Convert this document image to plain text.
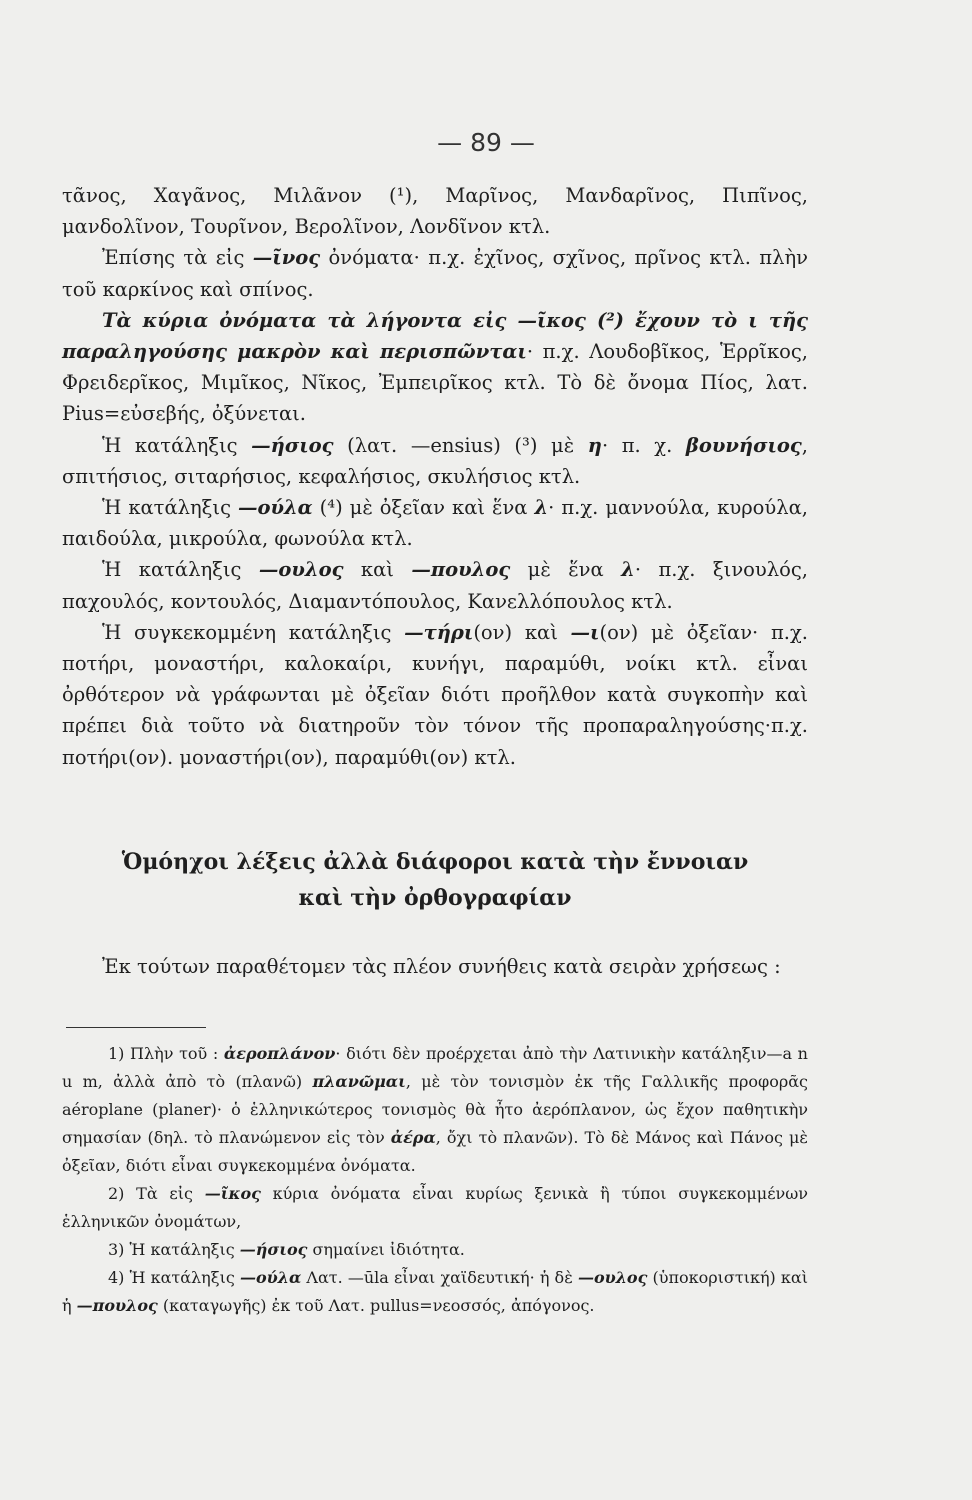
— 89 —

τᾶνος, Χαγᾶνος, Μιλᾶνον (¹), Μαρῖνος, Μανδαρῖνος, Πιπῖνος, μανδολῖνον, Τουρῖνον, Βερολῖνον, Λονδῖνον κτλ.

Ἐπίσης τὰ εἰς —ῖνος ὀνόματα· π.χ. ἐχῖνος, σχῖνος, πρῖνος κτλ. πλὴν τοῦ καρκίνος καὶ σπίνος.

Τὰ κύρια ὀνόματα τὰ λήγοντα εἰς —ῖκος (²) ἔχουν τὸ ι τῆς παραληγούσης μακρὸν καὶ περισπῶνται· π.χ. Λουδοβῖκος, Ἑρρῖκος, Φρειδερῖκος, Μιμῖκος, Νῖκος, Ἐμπειρῖκος κτλ. Τὸ δὲ ὄνομα Πίος, λατ. Pius=εὐσεβής, ὀξύνεται.

Ἡ κατάληξις —ήσιος (λατ. —ensius) (³) μὲ η· π. χ. βουνήσιος, σπιτήσιος, σιταρήσιος, κεφαλήσιος, σκυλήσιος κτλ.

Ἡ κατάληξις —ούλα (⁴) μὲ ὀξεῖαν καὶ ἕνα λ· π.χ. μαννούλα, κυρούλα, παιδούλα, μικρούλα, φωνούλα κτλ.

Ἡ κατάληξις —ουλος καὶ —πουλος μὲ ἕνα λ· π.χ. ξινουλός, παχουλός, κοντουλός, Διαμαντόπουλος, Κανελλόπουλος κτλ.

Ἡ συγκεκομμένη κατάληξις —τήρι(ον) καὶ —ι(ον) μὲ ὀξεῖαν· π.χ. ποτήρι, μοναστήρι, καλοκαίρι, κυνήγι, παραμύθι, νοίκι κτλ. εἶναι ὀρθότερον νὰ γράφωνται μὲ ὀξεῖαν διότι προῆλθον κατὰ συγκοπὴν καὶ πρέπει διὰ τοῦτο νὰ διατηροῦν τὸν τόνον τῆς προπαραληγούσης·π.χ. ποτήρι(ον). μοναστήρι(ον), παραμύθι(ον) κτλ.

Ὁμόηχοι λέξεις ἀλλὰ διάφοροι κατὰ τὴν ἔννοιαν
καὶ τὴν ὀρθογραφίαν

Ἐκ τούτων παραθέτομεν τὰς πλέον συνήθεις κατὰ σειρὰν χρήσεως :

1) Πλὴν τοῦ : ἀεροπλάνον· διότι δὲν προέρχεται ἀπὸ τὴν Λατινικὴν κατάληξιν—a n u m, ἀλλὰ ἀπὸ τὸ (πλανῶ) πλανῶμαι, μὲ τὸν τονισμὸν ἐκ τῆς Γαλλικῆς προφορᾶς aéroplane (planer)· ὁ ἑλληνικώτερος τονισμὸς θὰ ἦτο ἀερόπλανον, ὡς ἔχον παθητικὴν σημασίαν (δηλ. τὸ πλανώμενον εἰς τὸν ἀέρα, ὄχι τὸ πλανῶν). Τὸ δὲ Μάνος καὶ Πάνος μὲ ὀξεῖαν, διότι εἶναι συγκεκομμένα ὀνόματα.

2) Τὰ εἰς —ῖκος κύρια ὀνόματα εἶναι κυρίως ξενικὰ ἢ τύποι συγκεκομμένων ἑλληνικῶν ὀνομάτων,

3) Ἡ κατάληξις —ήσιος σημαίνει ἰδιότητα.

4) Ἡ κατάληξις —ούλα Λατ. —ūla εἶναι χαϊδευτική· ἡ δὲ —ουλος (ὑποκοριστική) καὶ ἡ —πουλος (καταγωγῆς) ἐκ τοῦ Λατ. pullus=νεοσσός, ἀπόγονος.
